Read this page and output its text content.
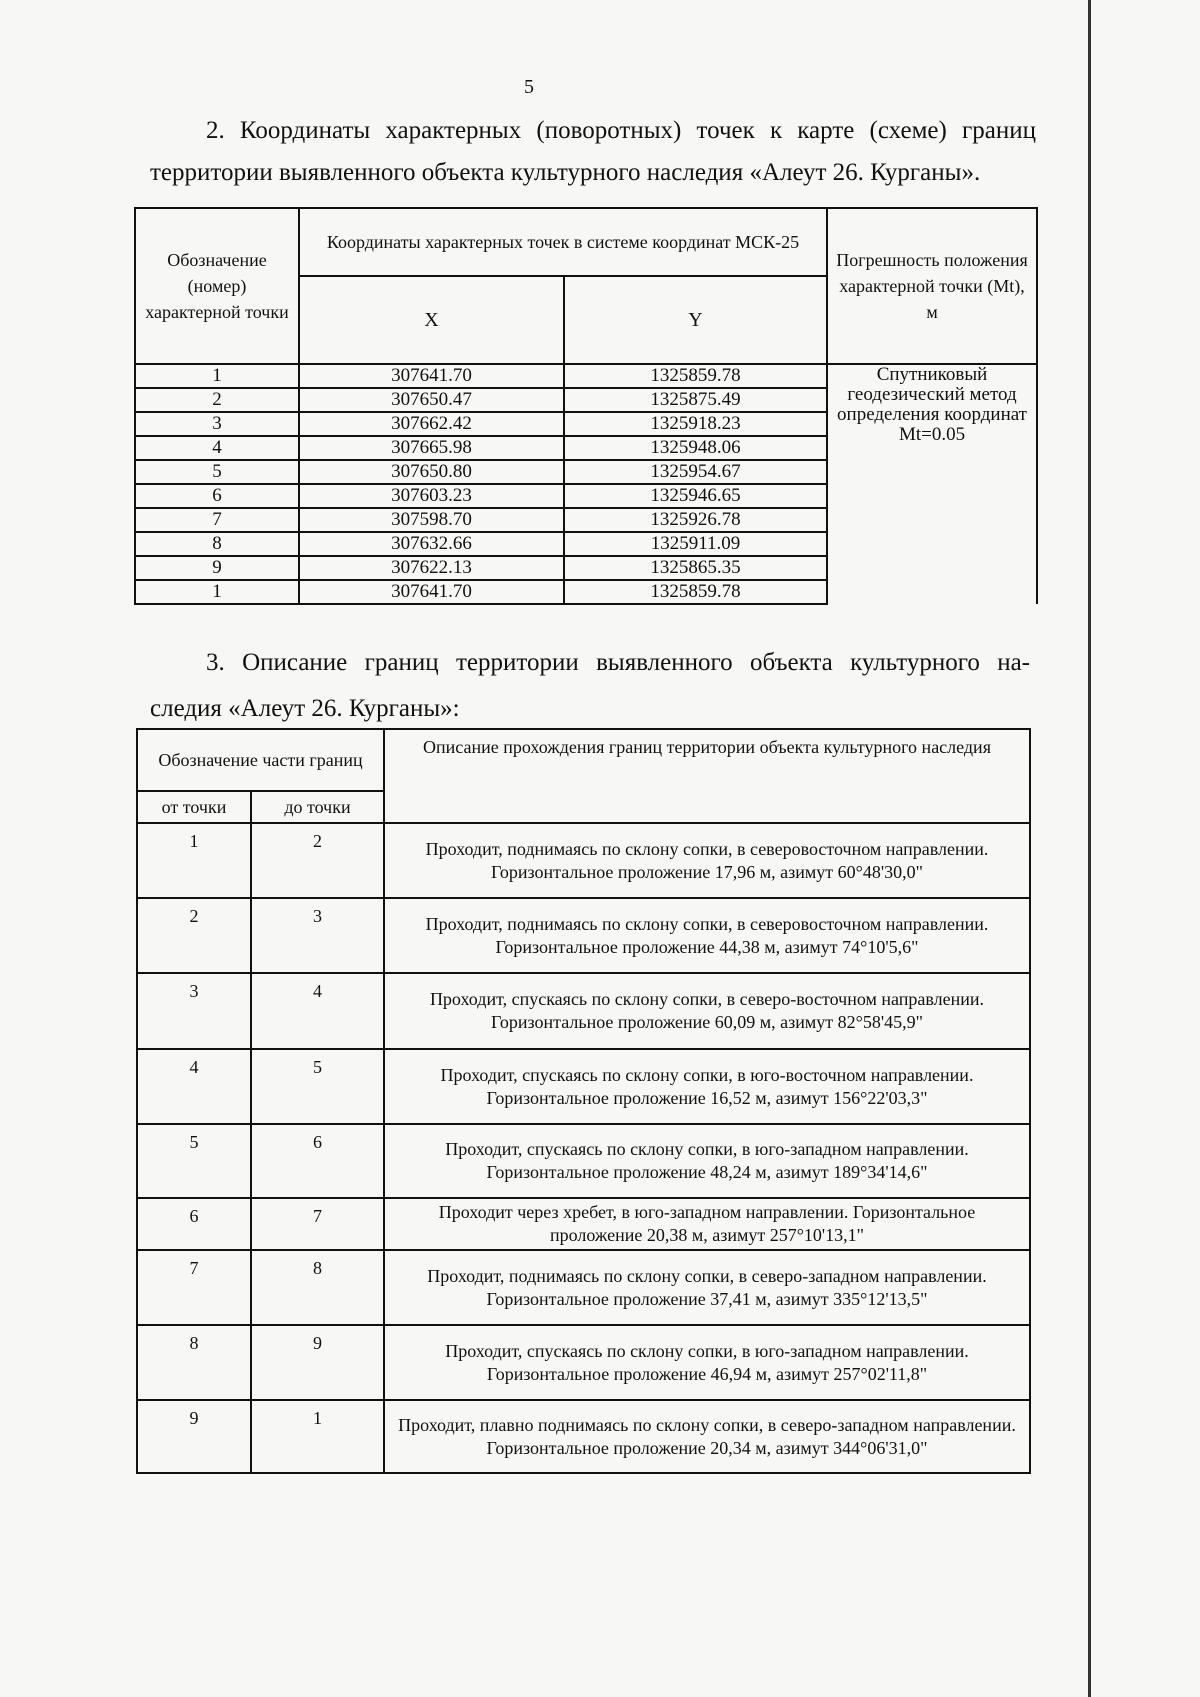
5
2. Координаты характерных (поворотных) точек к карте (схеме) границ территории выявленного объекта культурного наследия «Алеут 26. Курганы».
Обозначение (номер) характерной точки	Координаты характерных точек в системе координат МСК-25		Погрешность положения характерной точки (Mt), м
	X	Y	
1	307641.70	1325859.78	Спутниковый геодезический метод определения координат Mt=0.05
2	307650.47	1325875.49	
3	307662.42	1325918.23	
4	307665.98	1325948.06	
5	307650.80	1325954.67	
6	307603.23	1325946.65	
7	307598.70	1325926.78	
8	307632.66	1325911.09	
9	307622.13	1325865.35	
1	307641.70	1325859.78	
3. Описание границ территории выявленного объекта культурного на- следия «Алеут 26. Курганы»:
Обозначение части границ		Описание прохождения границ территории объекта культурного наследия
от точки	до точки	
1	2	Проходит, поднимаясь по склону сопки, в северовосточном направлении. Горизонтальное проложение 17,96 м, азимут 60°48'30,0"
2	3	Проходит, поднимаясь по склону сопки, в северовосточном направлении. Горизонтальное проложение 44,38 м, азимут 74°10'5,6"
3	4	Проходит, спускаясь по склону сопки, в северо-восточном направлении. Горизонтальное проложение 60,09 м, азимут 82°58'45,9"
4	5	Проходит, спускаясь по склону сопки, в юго-восточном направлении. Горизонтальное проложение 16,52 м, азимут 156°22'03,3"
5	6	Проходит, спускаясь по склону сопки, в юго-западном направлении. Горизонтальное проложение 48,24 м, азимут 189°34'14,6"
6	7	Проходит через хребет, в юго-западном направлении. Горизонтальное проложение 20,38 м, азимут 257°10'13,1"
7	8	Проходит, поднимаясь по склону сопки, в северо-западном направлении. Горизонтальное проложение 37,41 м, азимут 335°12'13,5"
8	9	Проходит, спускаясь по склону сопки, в юго-западном направлении. Горизонтальное проложение 46,94 м, азимут 257°02'11,8"
9	1	Проходит, плавно поднимаясь по склону сопки, в северо-западном направлении. Горизонтальное проложение 20,34 м, азимут 344°06'31,0"
